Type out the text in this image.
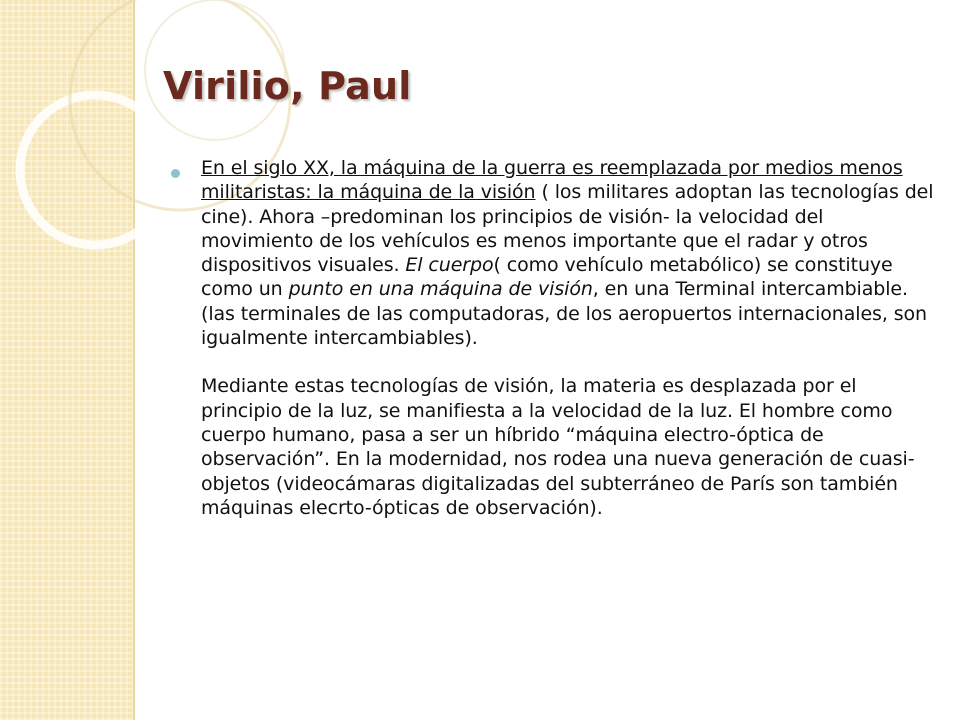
Virilio, Paul
En el siglo XX, la máquina de la guerra es reemplazada por medios menos militaristas: la máquina de la visión ( los militares adoptan las tecnologías del cine). Ahora –predominan los principios de visión- la velocidad del movimiento de los vehículos es menos importante que el radar y otros dispositivos visuales. El cuerpo( como vehículo metabólico) se constituye como un punto en una máquina de visión, en una Terminal intercambiable.(las terminales de las computadoras, de los aeropuertos internacionales, son igualmente intercambiables).
Mediante estas tecnologías de visión, la materia es desplazada por el principio de la luz, se manifiesta a la velocidad de la luz. El hombre como cuerpo humano, pasa a ser un híbrido “máquina electro-óptica de observación”. En la modernidad, nos rodea una nueva generación de cuasi-objetos (videocámaras digitalizadas del subterráneo de París son también máquinas elecrto-ópticas de observación).
